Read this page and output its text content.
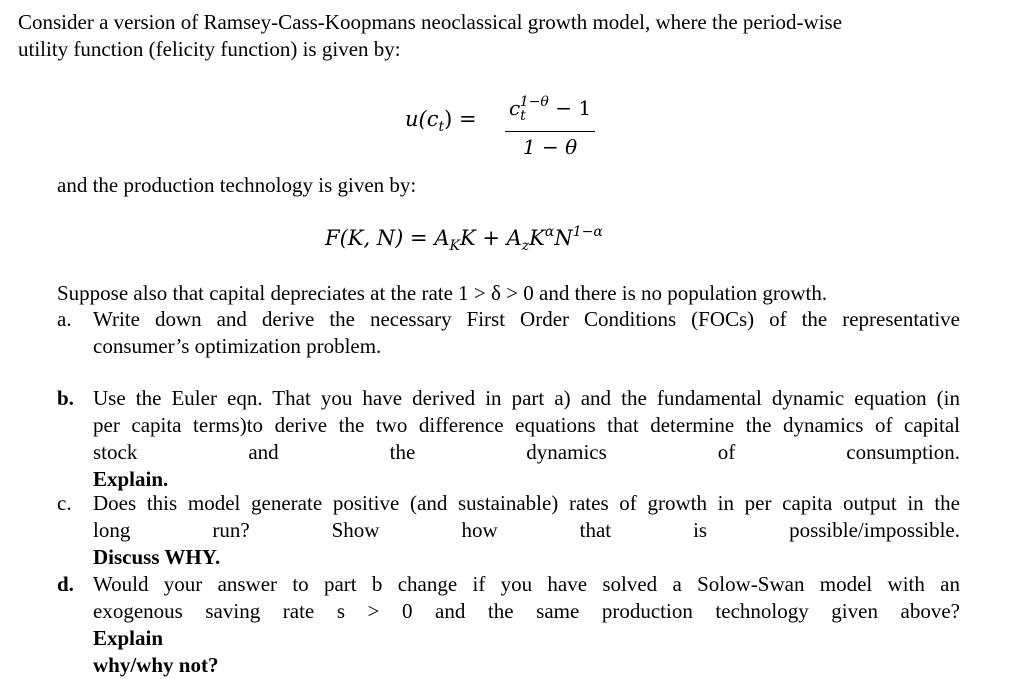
Consider a version of Ramsey-Cass-Koopmans neoclassical growth model, where the period-wise
utility function (felicity function) is given by:
$u(c_t) = c_t^{1-\theta} - 1$
1 − θ
and the production technology is given by:
F(K, $N) = A_KK + A_zK^\alpha N^{1-\alpha}$
Suppose also that capital depreciates at the rate 1 > δ > 0 and there is no population growth.
a.	Write down and derive the necessary First Order Conditions (FOCs) of the representative
consumer’s optimization problem.
b. Use the Euler eqn. That you have derived in part a) and the fundamental dynamic equation (in
per capita terms)to derive the two difference equations that determine the dynamics of capital
stock and the dynamics of consumption.
Explain.
c.	Does this model generate positive (and sustainable) rates of growth in per capita output in the
long run? Show how that is possible/impossible.
Discuss WHY.
d. Would your answer to part b change if you have solved a Solow-Swan model with an
exogenous saving rate s > 0 and the same production technology given above?
Explain
why/why not?
